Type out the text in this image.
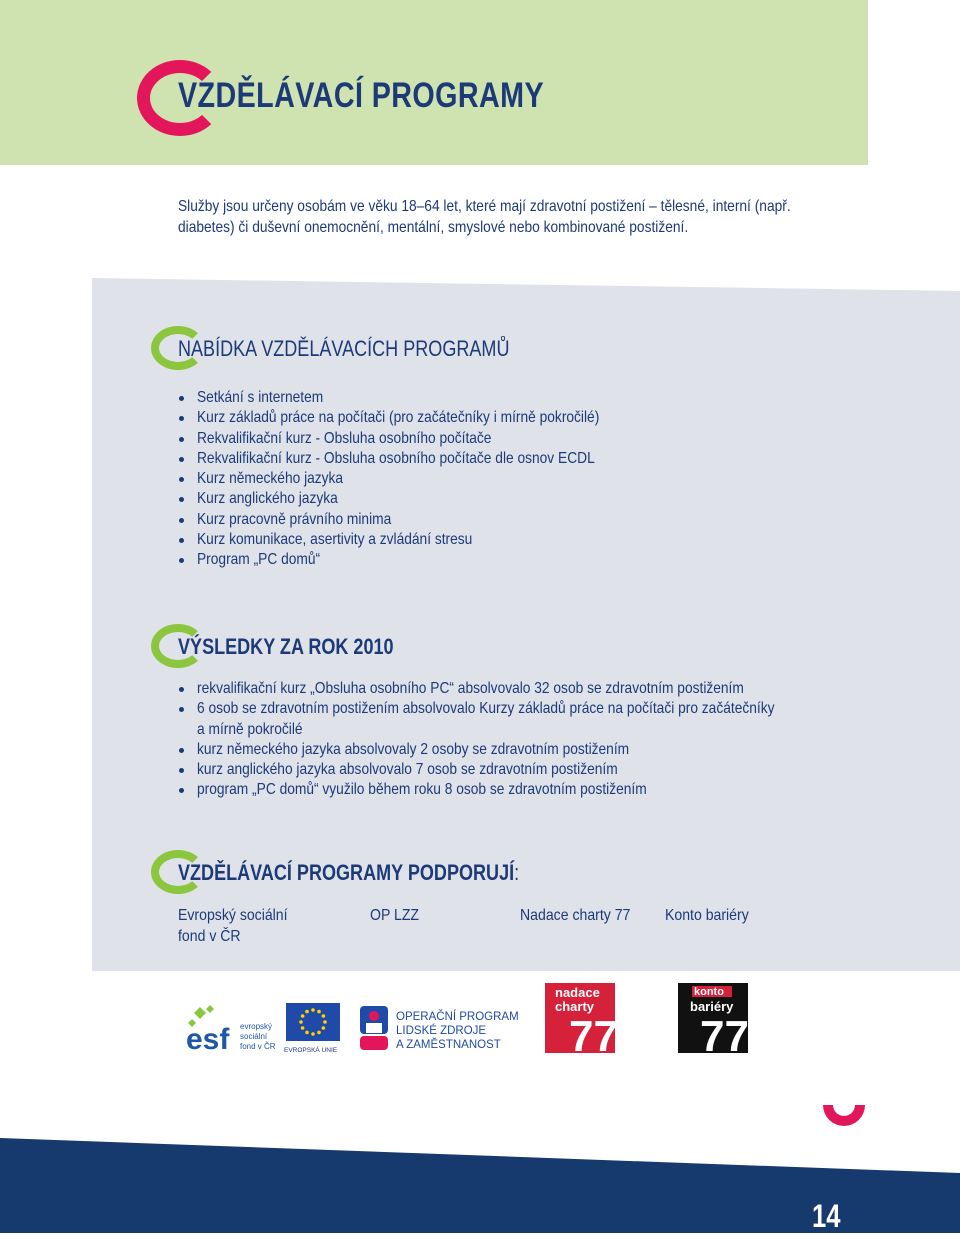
VZDĚLÁVACÍ PROGRAMY
Služby jsou určeny osobám ve věku 18–64 let, které mají zdravotní postižení – tělesné, interní (např.
diabetes) či duševní onemocnění, mentální, smyslové nebo kombinované postižení.
NABÍDKA VZDĚLÁVACÍCH PROGRAMŮ
Setkání s internetem
Kurz základů práce na počítači (pro začátečníky i mírně pokročilé)
Rekvalifikační kurz - Obsluha osobního počítače
Rekvalifikační kurz - Obsluha osobního počítače dle osnov ECDL
Kurz německého jazyka
Kurz anglického jazyka
Kurz pracovně právního minima
Kurz komunikace, asertivity a zvládání stresu
Program „PC domů“
VÝSLEDKY ZA ROK 2010
rekvalifikační kurz „Obsluha osobního PC“ absolvovalo 32 osob se zdravotním postižením
6 osob se zdravotním postižením absolvovalo Kurzy základů práce na počítači pro začátečníky
a mírně pokročilé
kurz německého jazyka absolvovaly 2 osoby se zdravotním postižením
kurz anglického jazyka absolvovalo 7 osob se zdravotním postižením
program „PC domů“ využilo během roku 8 osob se zdravotním postižením
VZDĚLÁVACÍ PROGRAMY PODPORUJÍ:
Evropský sociální
fond v ČR
OP LZZ	Nadace charty 77 Konto bariéry
esf evropský
sociální
fond v ČR EVROPSKÁ UNIE
OPERAČNÍ PROGRAM
LIDSKÉ ZDROJE
A ZAMĚSTNANOST
nadace
charty
77
konto
bariéry
77
14
